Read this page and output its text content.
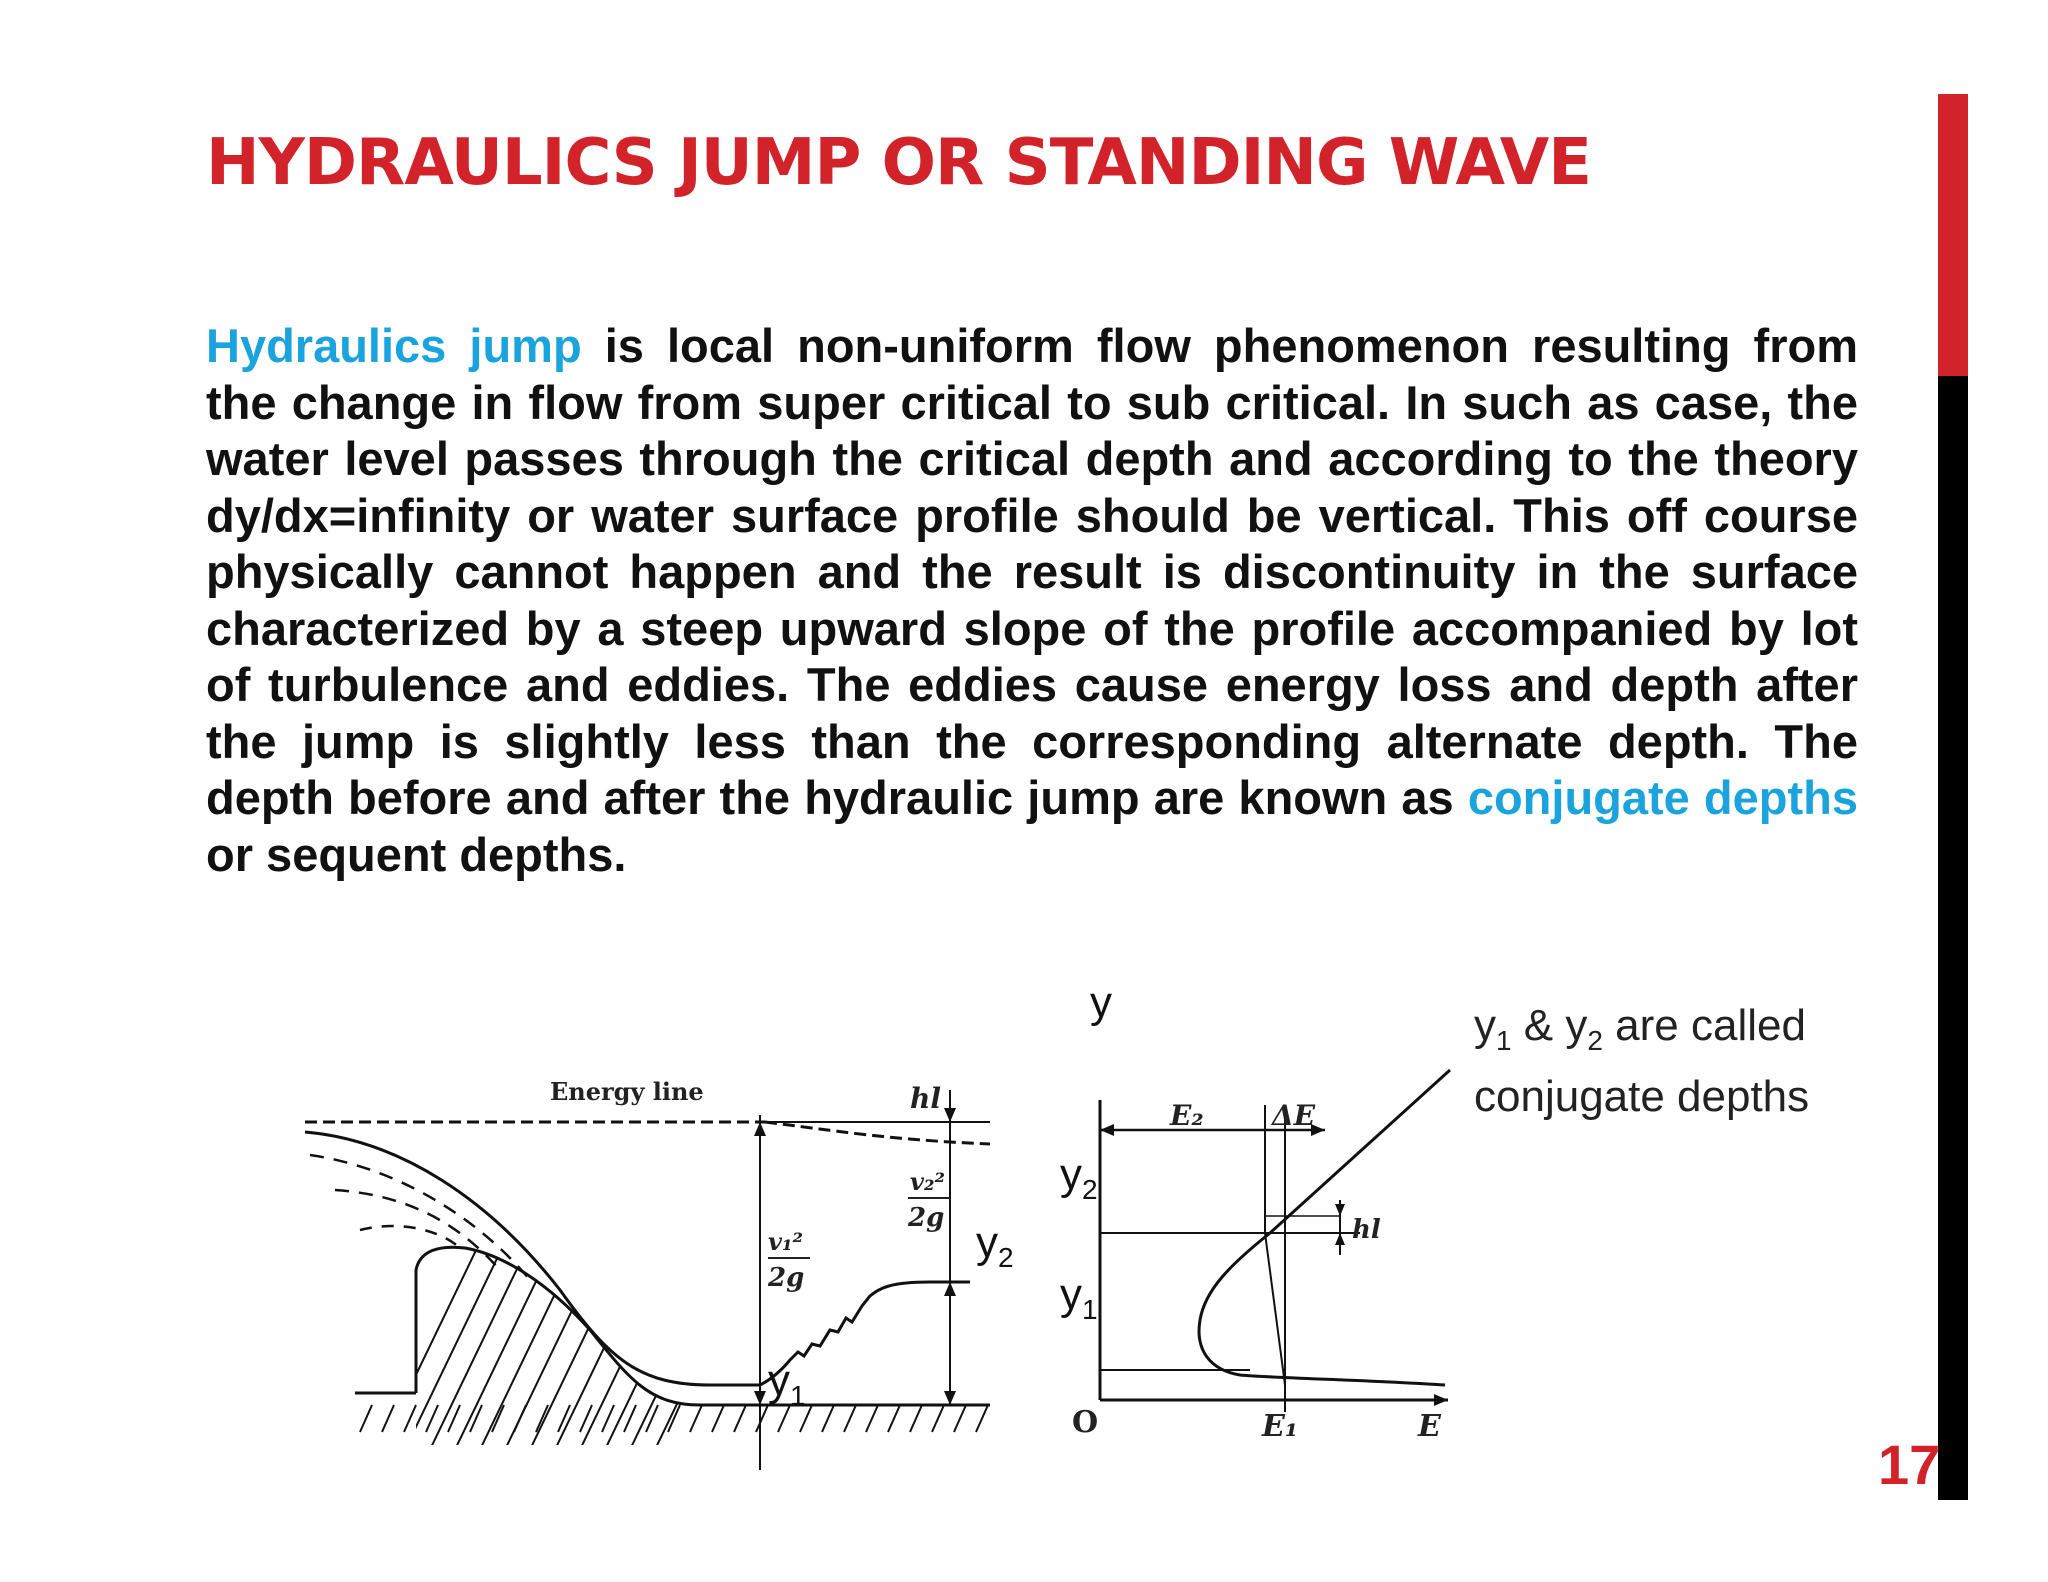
HYDRAULICS JUMP OR STANDING WAVE

Hydraulics jump is local non-uniform flow phenomenon resulting from the change in flow from super critical to sub critical. In such as case, the water level passes through the critical depth and according to the theory dy/dx=infinity or water surface profile should be vertical. This off course physically cannot happen and the result is discontinuity in the surface characterized by a steep upward slope of the profile accompanied by lot of turbulence and eddies. The eddies cause energy loss and depth after the jump is slightly less than the corresponding alternate depth. The depth before and after the hydraulic jump are known as conjugate depths or sequent depths.

Energy line	hl
v₁²
2g
v₂²
2g
$y_1$
$y_2$
E₂ ΔE
hl
O	E₁	E
y
$y_2$
$y_1$
$y_1$ & $y_2$ are called
conjugate depths
17
